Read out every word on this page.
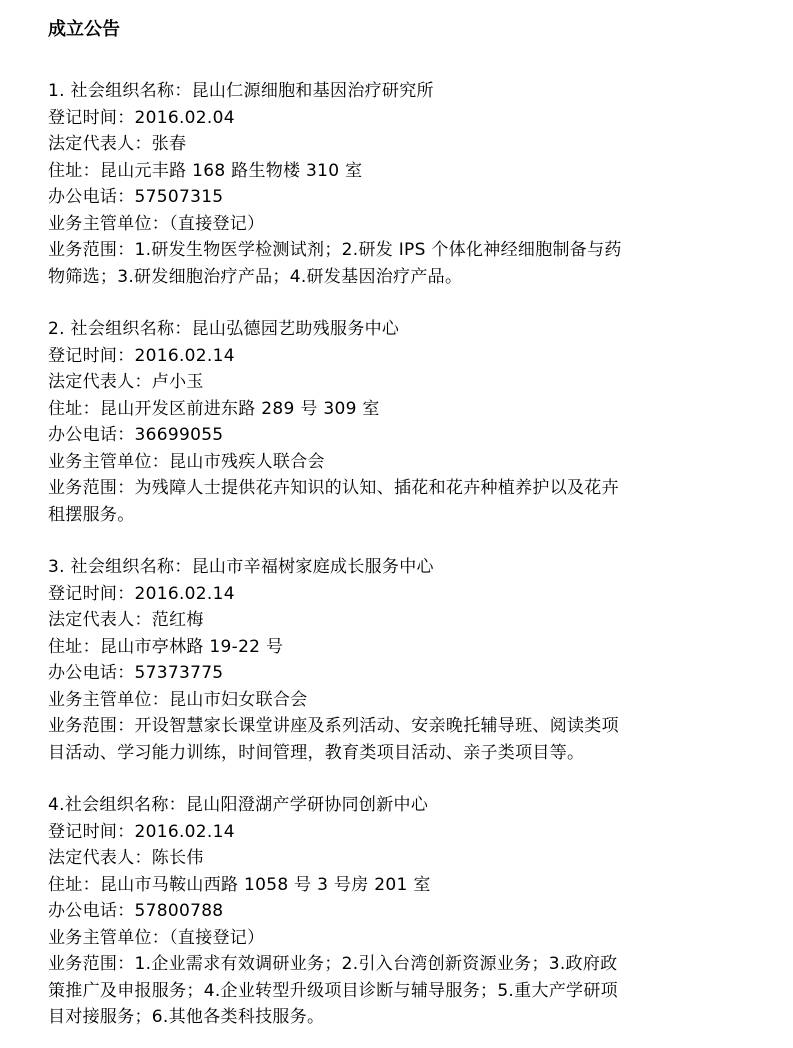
成立公告
1. 社会组织名称：昆山仁源细胞和基因治疗研究所
登记时间：2016.02.04
法定代表人：张春
住址：昆山元丰路 168 路生物楼 310 室
办公电话：57507315
业务主管单位：（直接登记）
业务范围：1.研发生物医学检测试剂；2.研发 IPS 个体化神经细胞制备与药
物筛选；3.研发细胞治疗产品；4.研发基因治疗产品。
2. 社会组织名称：昆山弘德园艺助残服务中心
登记时间：2016.02.14
法定代表人：卢小玉
住址：昆山开发区前进东路 289 号 309 室
办公电话：36699055
业务主管单位：昆山市残疾人联合会
业务范围：为残障人士提供花卉知识的认知、插花和花卉种植养护以及花卉
租摆服务。
3. 社会组织名称：昆山市辛福树家庭成长服务中心
登记时间：2016.02.14
法定代表人：范红梅
住址：昆山市亭林路 19-22 号
办公电话：57373775
业务主管单位：昆山市妇女联合会
业务范围：开设智慧家长课堂讲座及系列活动、安亲晚托辅导班、阅读类项
目活动、学习能力训练，时间管理，教育类项目活动、亲子类项目等。
4.社会组织名称：昆山阳澄湖产学研协同创新中心
登记时间：2016.02.14
法定代表人：陈长伟
住址：昆山市马鞍山西路 1058 号 3 号房 201 室
办公电话：57800788
业务主管单位：（直接登记）
业务范围：1.企业需求有效调研业务；2.引入台湾创新资源业务；3.政府政
策推广及申报服务；4.企业转型升级项目诊断与辅导服务；5.重大产学研项
目对接服务；6.其他各类科技服务。
